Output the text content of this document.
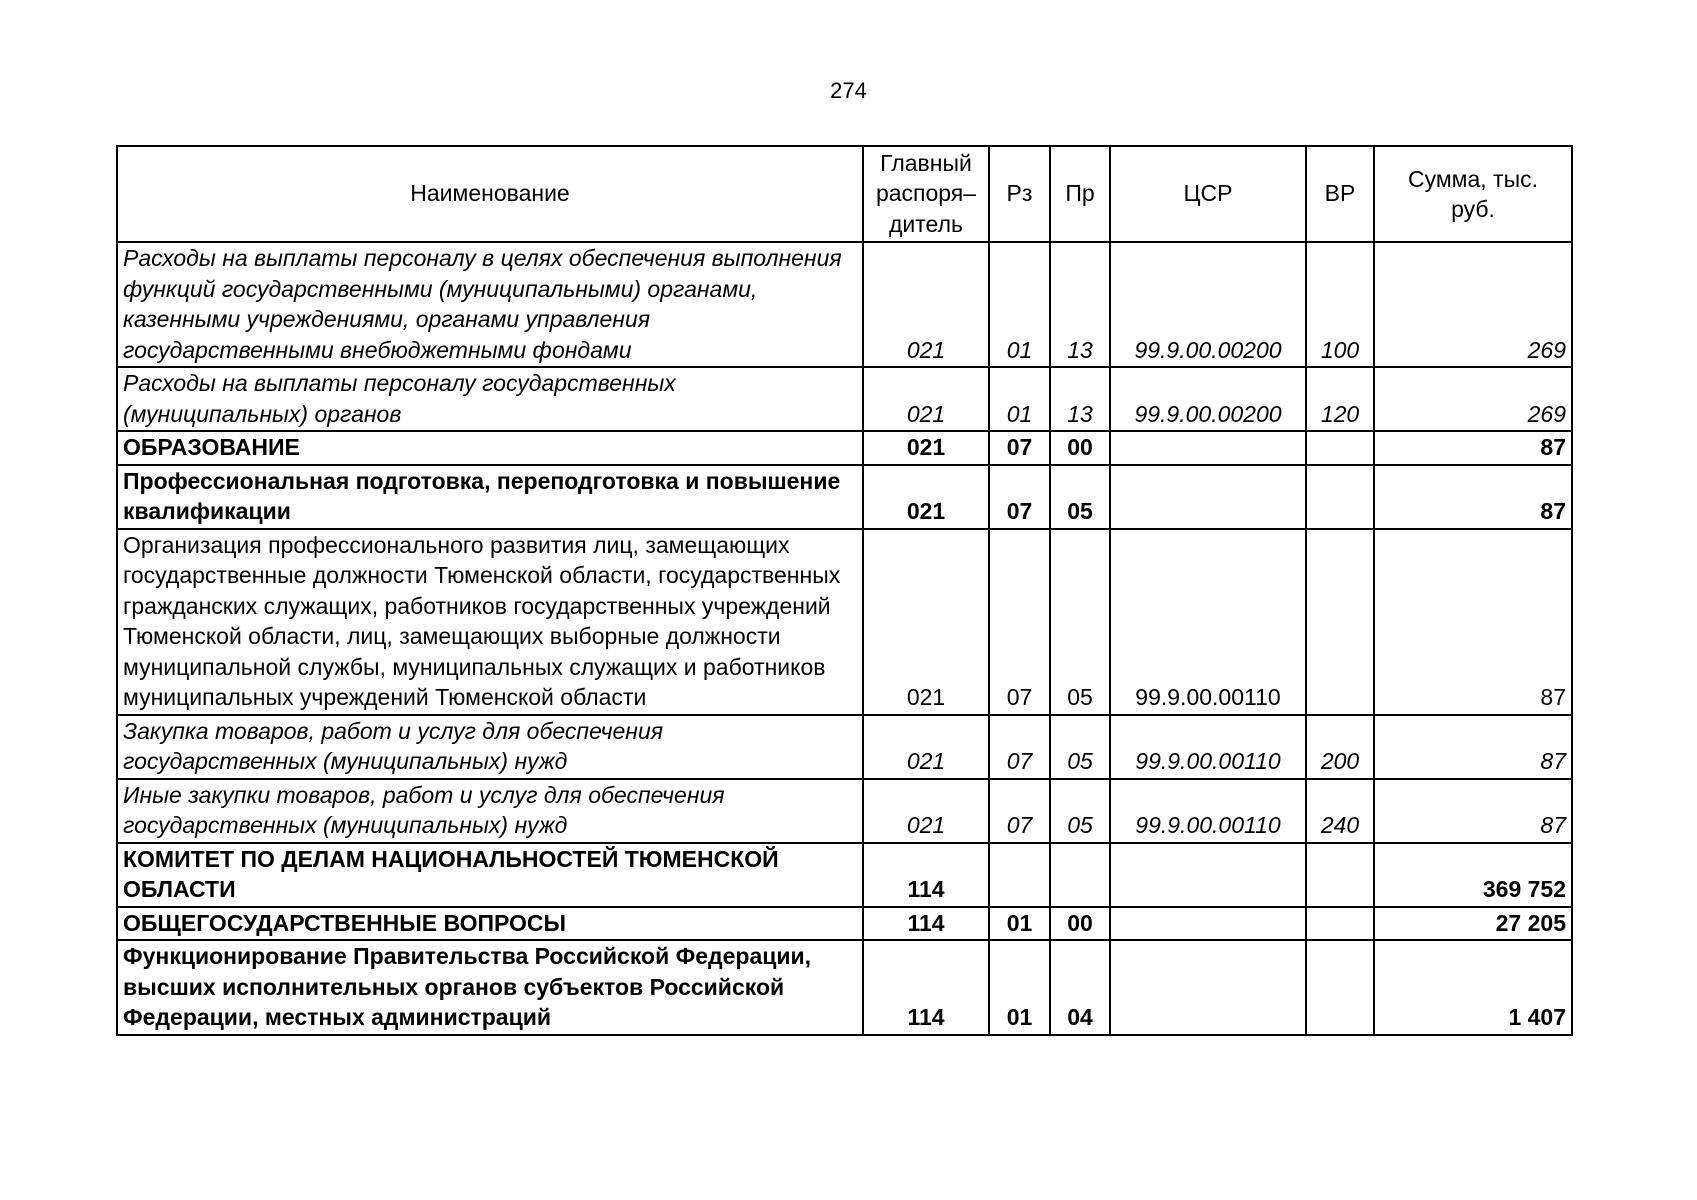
274
Наименование	Главный распоря– дитель	Рз	Пр	ЦСР	ВР	Сумма, тыс. руб.
Расходы на выплаты персоналу в целях обеспечения выполнения функций государственными (муниципальными) органами, казенными учреждениями, органами управления государственными внебюджетными фондами	021	01	13	99.9.00.00200	100	269
Расходы на выплаты персоналу государственных (муниципальных) органов	021	01	13	99.9.00.00200	120	269
ОБРАЗОВАНИЕ	021	07	00			87
Профессиональная подготовка, переподготовка и повышение квалификации	021	07	05			87
Организация профессионального развития лиц, замещающих государственные должности Тюменской области, государственных гражданских служащих, работников государственных учреждений Тюменской области, лиц, замещающих выборные должности муниципальной службы, муниципальных служащих и работников муниципальных учреждений Тюменской области	021	07	05	99.9.00.00110		87
Закупка товаров, работ и услуг для обеспечения государственных (муниципальных) нужд	021	07	05	99.9.00.00110	200	87
Иные закупки товаров, работ и услуг для обеспечения государственных (муниципальных) нужд	021	07	05	99.9.00.00110	240	87
КОМИТЕТ ПО ДЕЛАМ НАЦИОНАЛЬНОСТЕЙ ТЮМЕНСКОЙ ОБЛАСТИ	114					369 752
ОБЩЕГОСУДАРСТВЕННЫЕ ВОПРОСЫ	114	01	00			27 205
Функционирование Правительства Российской Федерации, высших исполнительных органов субъектов Российской Федерации, местных администраций	114	01	04			1 407
